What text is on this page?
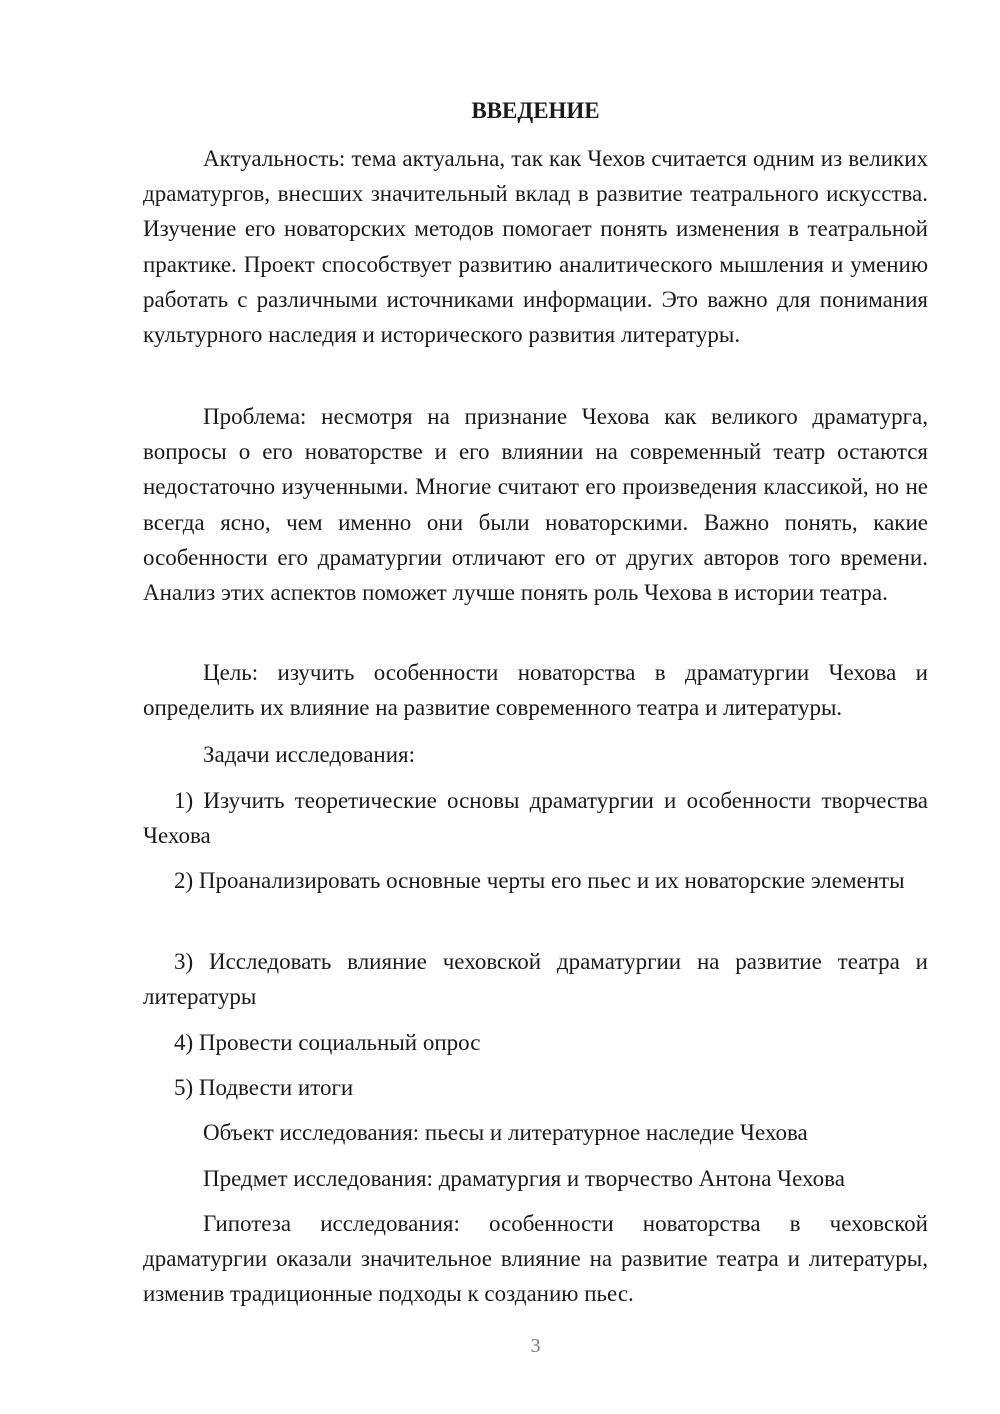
ВВЕДЕНИЕ

Актуальность: тема актуальна, так как Чехов считается одним из великих драматургов, внесших значительный вклад в развитие театрального искусства. Изучение его новаторских методов помогает понять изменения в театральной практике. Проект способствует развитию аналитического мышления и умению работать с различными источниками информации. Это важно для понимания культурного наследия и исторического развития литературы.

Проблема: несмотря на признание Чехова как великого драматурга, вопросы о его новаторстве и его влиянии на современный театр остаются недостаточно изученными. Многие считают его произведения классикой, но не всегда ясно, чем именно они были новаторскими. Важно понять, какие особенности его драматургии отличают его от других авторов того времени. Анализ этих аспектов поможет лучше понять роль Чехова в истории театра.

Цель: изучить особенности новаторства в драматургии Чехова и определить их влияние на развитие современного театра и литературы.

Задачи исследования:

1) Изучить теоретические основы драматургии и особенности творчества Чехова

2) Проанализировать основные черты его пьес и их новаторские элементы

3) Исследовать влияние чеховской драматургии на развитие театра и литературы

4) Провести социальный опрос

5) Подвести итоги

Объект исследования: пьесы и литературное наследие Чехова

Предмет исследования: драматургия и творчество Антона Чехова

Гипотеза исследования: особенности новаторства в чеховской драматургии оказали значительное влияние на развитие театра и литературы, изменив традиционные подходы к созданию пьес.

3
